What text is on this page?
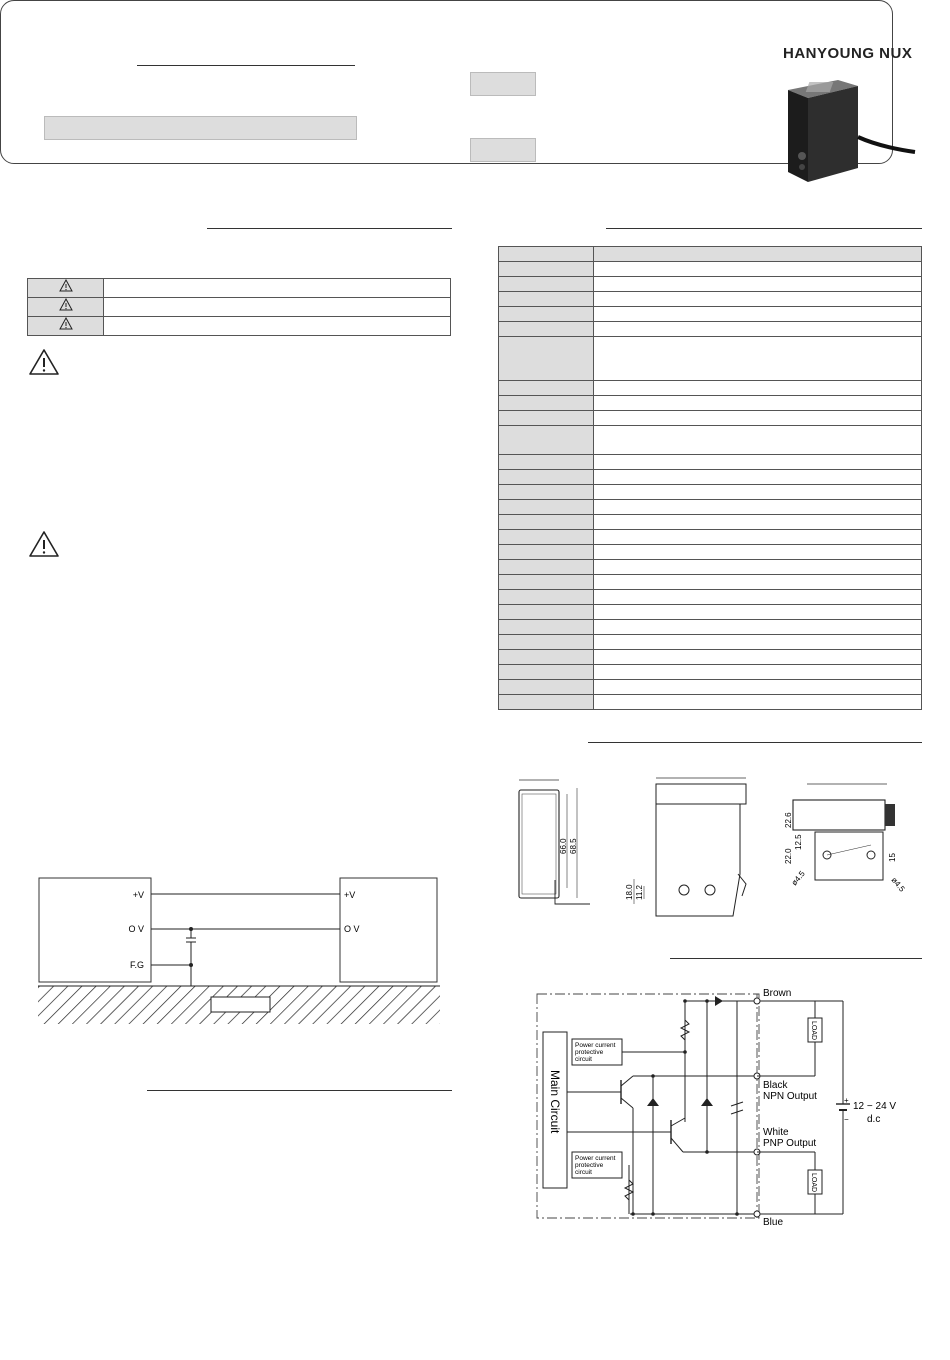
HANYOUNG NUX

+V
O V
F.G
+V
O V

66.0 68.5
18.0 11.2
22.6
12.5
22.0	15
ø4.5	ø4.5
Main Circuit
Power current
protective
circuit
Power current
protective
circuit
Brown
Black
NPN Output
White
PNP Output
Blue
LOAD
LOAD
+
−
12 − 24 V
d.c
